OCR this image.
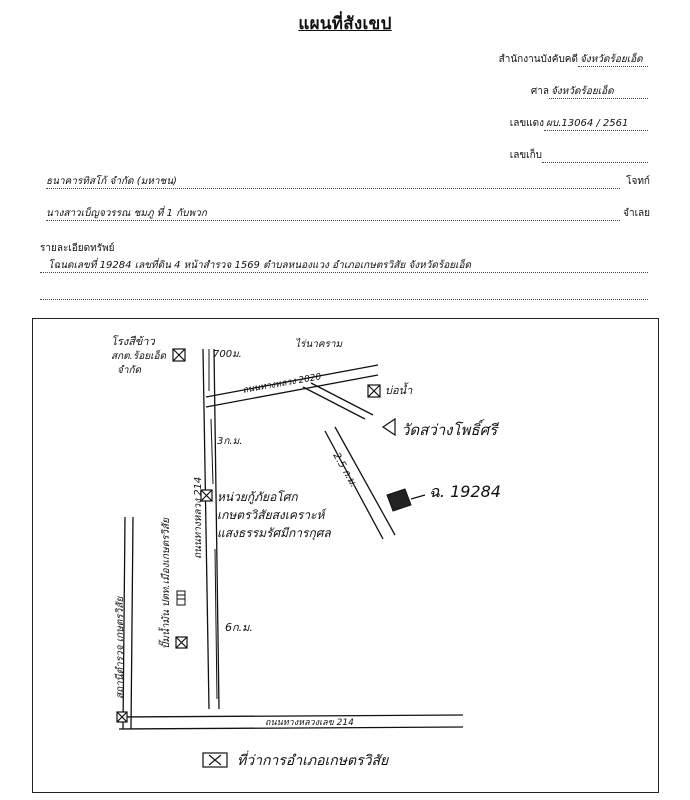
แผนที่สังเขป
สำนักงานบังคับคดี จังหวัดร้อยเอ็ด
ศาล จังหวัดร้อยเอ็ด
เลขแดง ผบ.13064 / 2561
เลขเก็บ
ธนาคารทิสโก้ จำกัด (มหาชน)	โจทก์
นางสาวเบ็ญจวรรณ ชมภู ที่ 1 กับพวก	จำเลย
รายละเอียดทรัพย์
โฉนดเลขที่ 19284 เลขที่ดิน 4 หน้าสำรวจ 1569 ตำบลหนองแวง อำเภอเกษตรวิสัย จังหวัดร้อยเอ็ด
โรงสีข้าว
สกต.ร้อยเอ็ด
จำกัด
ไร่นาคราม
700ม.
ถนนทางหลวง 2020	บ่อน้ำ
วัดสว่างโพธิ์ศรี
3ก.ม.
ถนนทางหลวง 214
2.5 ก.ม.
ฉ. 19284
หน่วยกู้ภัยอโศก
เกษตรวิสัยสงเคราะห์
แสงธรรมรัศมีการกุศล
ปั๊มน้ำมัน ปตท.เมืองเกษตรวิสัย
สถานีตำรวจ เกษตรวิสัย	6ก.ม.
ถนนทางหลวงเลข 214
ที่ว่าการอำเภอเกษตรวิสัย
